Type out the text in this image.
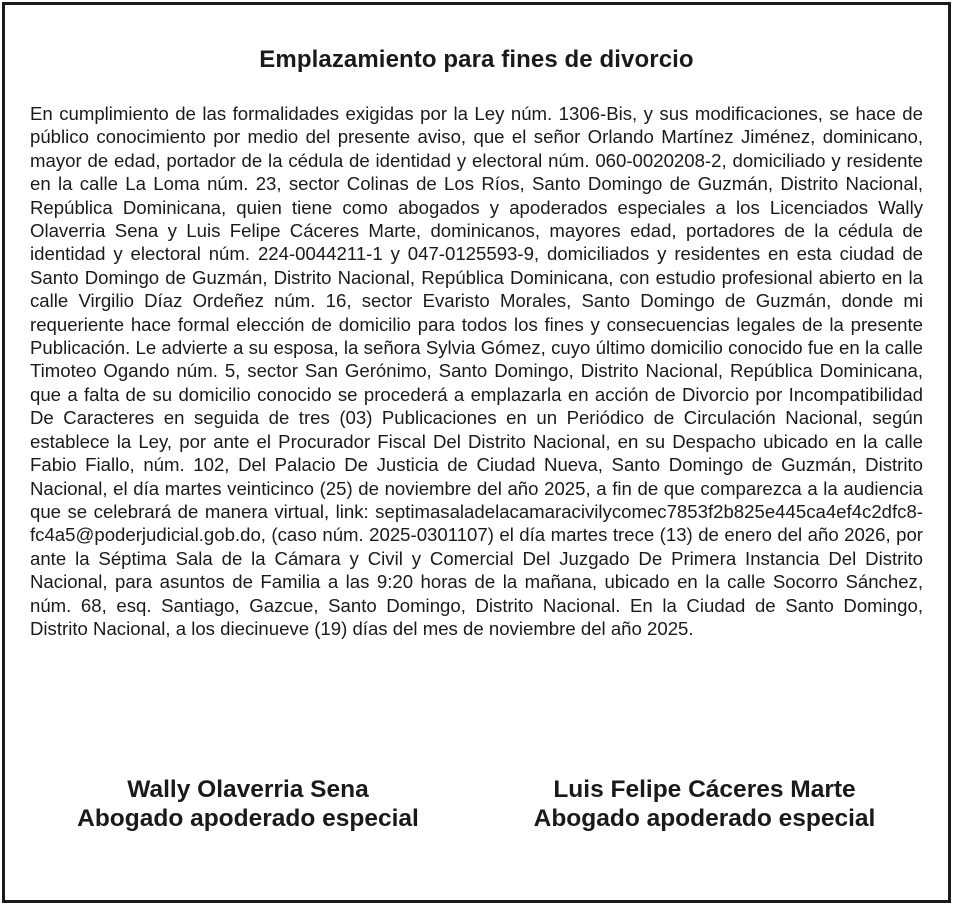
Emplazamiento para fines de divorcio

En cumplimiento de las formalidades exigidas por la Ley núm. 1306-Bis, y sus modificaciones, se hace de público conocimiento por medio del presente aviso, que el señor Orlando Martínez Jiménez, dominicano, mayor de edad, portador de la cédula de identidad y electoral núm. 060-0020208-2, domiciliado y residente en la calle La Loma núm. 23, sector Colinas de Los Ríos, Santo Domingo de Guzmán, Distrito Nacional, República Dominicana, quien tiene como abogados y apoderados especiales a los Licenciados Wally Olaverria Sena y Luis Felipe Cáceres Marte, dominicanos, mayores edad, portadores de la cédula de identidad y electoral núm. 224-0044211-1 y 047-0125593-9, domiciliados y residentes en esta ciudad de Santo Domingo de Guzmán, Distrito Nacional, República Dominicana, con estudio profesional abierto en la calle Virgilio Díaz Ordeñez núm. 16, sector Evaristo Morales, Santo Domingo de Guzmán, donde mi requeriente hace formal elección de domicilio para todos los fines y consecuencias legales de la presente Publicación. Le advierte a su esposa, la señora Sylvia Gómez, cuyo último domicilio conocido fue en la calle Timoteo Ogando núm. 5, sector San Gerónimo, Santo Domingo, Distrito Nacional, República Dominicana, que a falta de su domicilio conocido se procederá a emplazarla en acción de Divorcio por Incompatibilidad De Caracteres en seguida de tres (03) Publicaciones en un Periódico de Circulación Nacional, según establece la Ley, por ante el Procurador Fiscal Del Distrito Nacional, en su Despacho ubicado en la calle Fabio Fiallo, núm. 102, Del Palacio De Justicia de Ciudad Nueva, Santo Domingo de Guzmán, Distrito Nacional, el día martes veinticinco (25) de noviembre del año 2025, a fin de que comparezca a la audiencia que se celebrará de manera virtual, link: septimasaladelacamaracivilycomec7853f2b825e445ca4ef4c2dfc8-fc4a5@poderjudicial.gob.do, (caso núm. 2025-0301107) el día martes trece (13) de enero del año 2026, por ante la Séptima Sala de la Cámara y Civil y Comercial Del Juzgado De Primera Instancia Del Distrito Nacional, para asuntos de Familia a las 9:20 horas de la mañana, ubicado en la calle Socorro Sánchez, núm. 68, esq. Santiago, Gazcue, Santo Domingo, Distrito Nacional. En la Ciudad de Santo Domingo, Distrito Nacional, a los diecinueve (19) días del mes de noviembre del año 2025.

Wally Olaverria Sena
Abogado apoderado especial
Luis Felipe Cáceres Marte
Abogado apoderado especial
